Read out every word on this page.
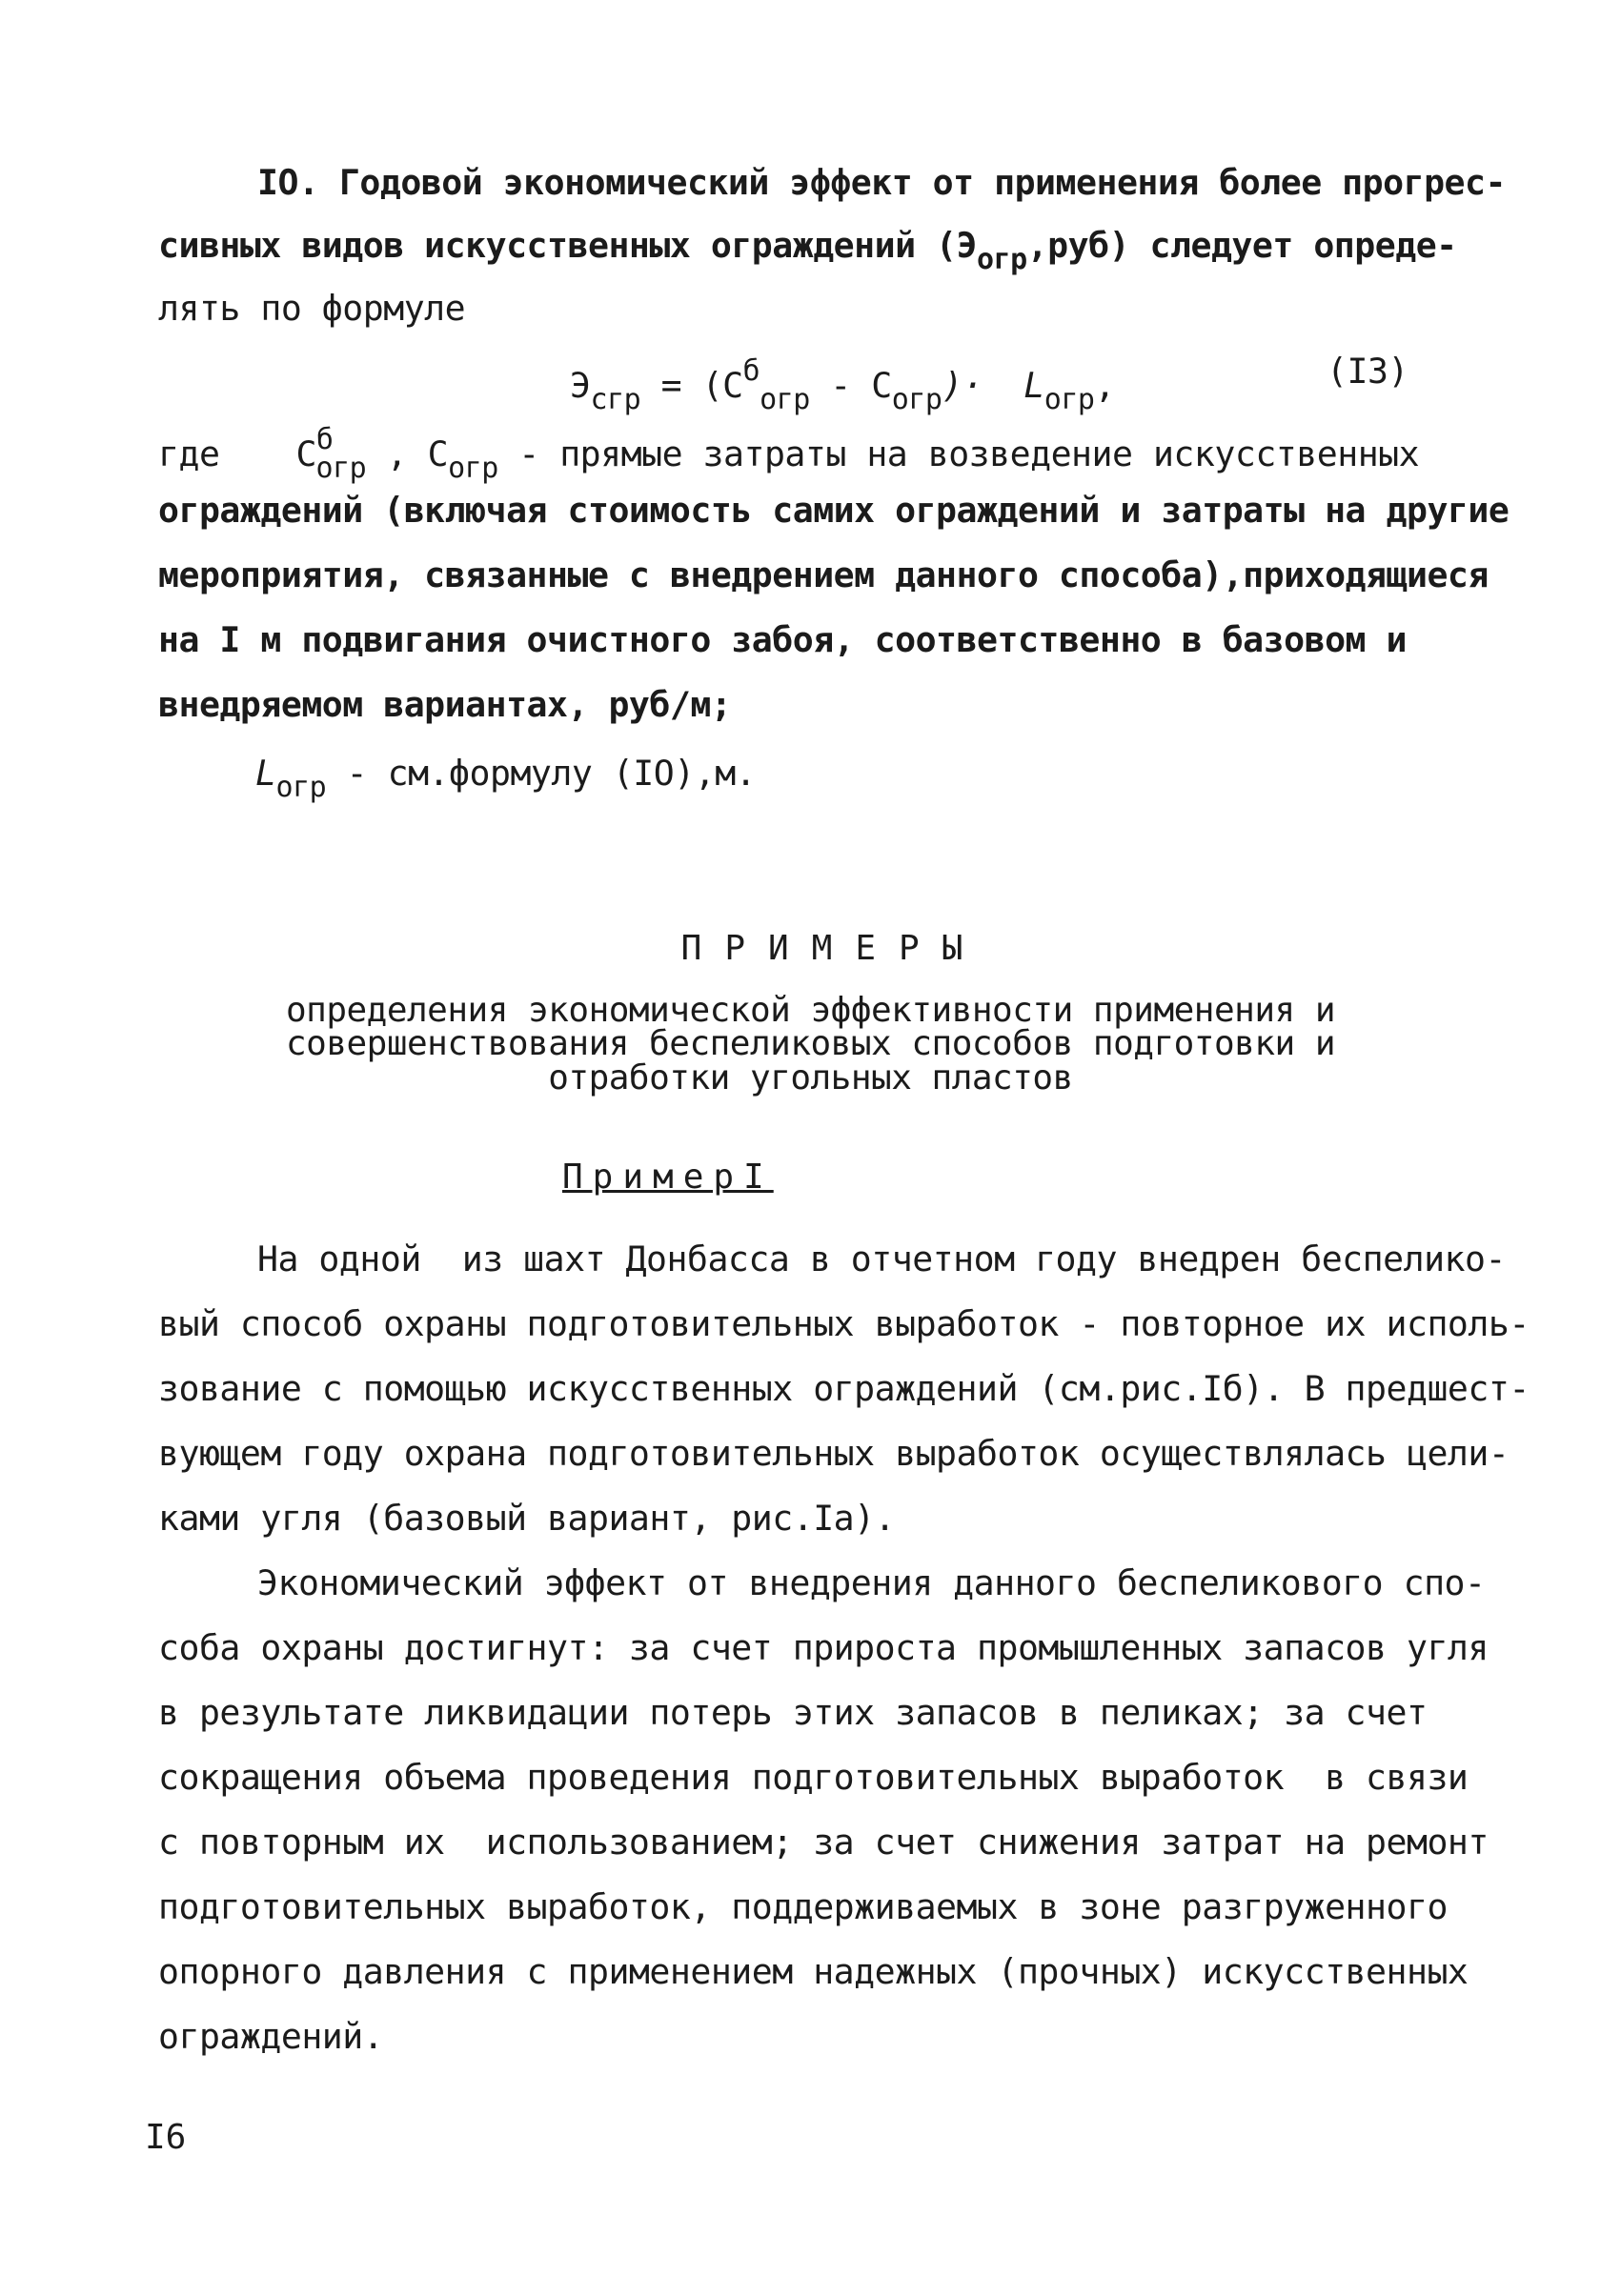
IO. Годовой экономический эффект от применения более прогрес-
сивных видов искусственных ограждений $(Э_{огр},руб)$ следует опреде-
лять по формуле
$Э_{сгр} = (С^б_{огр} - С_{огр})\cdot L_{огр}$,	(I3)
где $С^б_{огр}$ , $С_{огр}$ - прямые затраты на возведение искусственных
ограждений (включая стоимость самих ограждений и затраты на другие
мероприятия, связанные с внедрением данного способа),приходящиеся
на I м подвигания очистного забоя, соответственно в базовом и
внедряемом вариантах, руб/м;
$L_{огр}$ - см.формулу (IO),м.
ПРИМЕРЫ
определения экономической эффективности применения и
совершенствования беспеликовых способов подготовки и
отработки угольных пластов
ПримерI
На одной  из шахт Донбасса в отчетном году внедрен беспелико-
вый способ охраны подготовительных выработок - повторное их исполь-
зование с помощью искусственных ограждений (см.рис.Iб). В предшест-
вующем году охрана подготовительных выработок осуществлялась цели-
ками угля (базовый вариант, рис.Iа).
Экономический эффект от внедрения данного беспеликового спо-
соба охраны достигнут: за счет прироста промышленных запасов угля
в результате ликвидации потерь этих запасов в пеликах; за счет
сокращения объема проведения подготовительных выработок  в связи
с повторным их  использованием; за счет снижения затрат на ремонт
подготовительных выработок, поддерживаемых в зоне разгруженного
опорного давления с применением надежных (прочных) искусственных
ограждений.
I6
